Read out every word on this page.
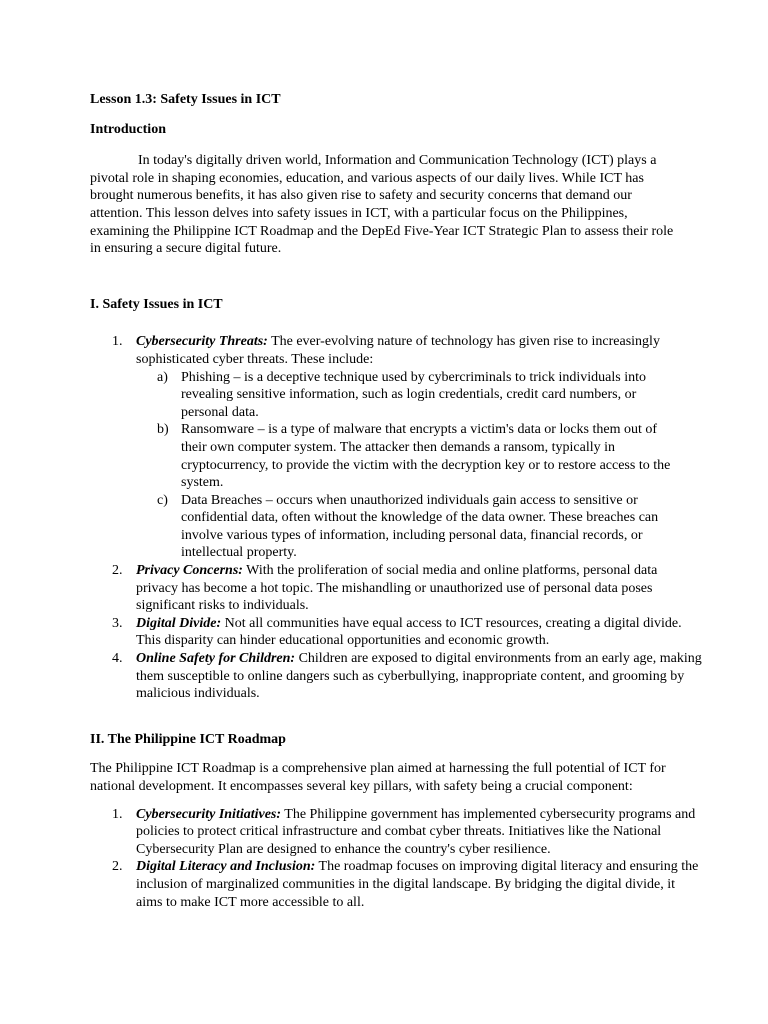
Lesson 1.3: Safety Issues in ICT

Introduction

In today's digitally driven world, Information and Communication Technology (ICT) plays a pivotal role in shaping economies, education, and various aspects of our daily lives. While ICT has brought numerous benefits, it has also given rise to safety and security concerns that demand our attention. This lesson delves into safety issues in ICT, with a particular focus on the Philippines, examining the Philippine ICT Roadmap and the DepEd Five-Year ICT Strategic Plan to assess their role in ensuring a secure digital future.

I. Safety Issues in ICT

1. Cybersecurity Threats: The ever-evolving nature of technology has given rise to increasingly sophisticated cyber threats. These include:
a) Phishing – is a deceptive technique used by cybercriminals to trick individuals into revealing sensitive information, such as login credentials, credit card numbers, or personal data.
b) Ransomware – is a type of malware that encrypts a victim's data or locks them out of their own computer system. The attacker then demands a ransom, typically in cryptocurrency, to provide the victim with the decryption key or to restore access to the system.
c) Data Breaches – occurs when unauthorized individuals gain access to sensitive or confidential data, often without the knowledge of the data owner. These breaches can involve various types of information, including personal data, financial records, or intellectual property.
2. Privacy Concerns: With the proliferation of social media and online platforms, personal data privacy has become a hot topic. The mishandling or unauthorized use of personal data poses significant risks to individuals.
3. Digital Divide: Not all communities have equal access to ICT resources, creating a digital divide. This disparity can hinder educational opportunities and economic growth.
4. Online Safety for Children: Children are exposed to digital environments from an early age, making them susceptible to online dangers such as cyberbullying, inappropriate content, and grooming by malicious individuals.

II. The Philippine ICT Roadmap

The Philippine ICT Roadmap is a comprehensive plan aimed at harnessing the full potential of ICT for national development. It encompasses several key pillars, with safety being a crucial component:

1. Cybersecurity Initiatives: The Philippine government has implemented cybersecurity programs and policies to protect critical infrastructure and combat cyber threats. Initiatives like the National Cybersecurity Plan are designed to enhance the country's cyber resilience.
2. Digital Literacy and Inclusion: The roadmap focuses on improving digital literacy and ensuring the inclusion of marginalized communities in the digital landscape. By bridging the digital divide, it aims to make ICT more accessible to all.
